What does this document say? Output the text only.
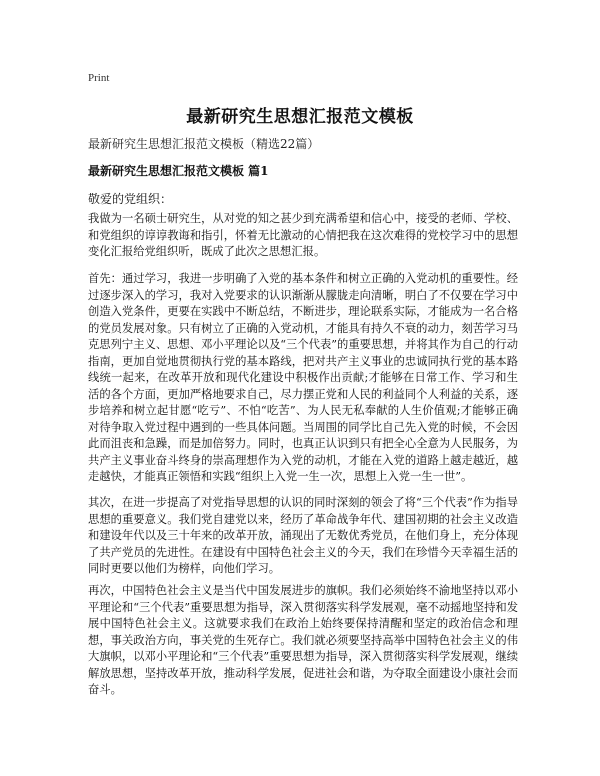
Print
最新研究生思想汇报范文模板
最新研究生思想汇报范文模板（精选22篇）
最新研究生思想汇报范文模板 篇1
敬爱的党组织：
我做为一名硕士研究生，从对党的知之甚少到充满希望和信心中，接受的老师、学校、和党组织的谆谆教诲和指引，怀着无比激动的心情把我在这次难得的党校学习中的思想变化汇报给党组织听，既成了此次之思想汇报。
首先：通过学习，我进一步明确了入党的基本条件和树立正确的入党动机的重要性。经过逐步深入的学习，我对入党要求的认识渐渐从朦胧走向清晰，明白了不仅要在学习中创造入党条件，更要在实践中不断总结，不断进步，理论联系实际，才能成为一名合格的党员发展对象。只有树立了正确的入党动机，才能具有持久不衰的动力，刻苦学习马克思列宁主义、思想、邓小平理论以及“三个代表”的重要思想，并将其作为自己的行动指南，更加自觉地贯彻执行党的基本路线，把对共产主义事业的忠诚同执行党的基本路线统一起来，在改革开放和现代化建设中积极作出贡献;才能够在日常工作、学习和生活的各个方面，更加严格地要求自己，尽力摆正党和人民的利益同个人利益的关系，逐步培养和树立起甘愿“吃亏”、不怕“吃苦”、为人民无私奉献的人生价值观;才能够正确对待争取入党过程中遇到的一些具体问题。当周围的同学比自己先入党的时候，不会因此而沮丧和急躁，而是加倍努力。同时，也真正认识到只有把全心全意为人民服务，为共产主义事业奋斗终身的崇高理想作为入党的动机，才能在入党的道路上越走越近，越走越快，才能真正领悟和实践“组织上入党一生一次，思想上入党一生一世”。
其次，在进一步提高了对党指导思想的认识的同时深刻的领会了将“三个代表”作为指导思想的重要意义。我们党自建党以来，经历了革命战争年代、建国初期的社会主义改造和建设年代以及三十年来的改革开放，涌现出了无数优秀党员，在他们身上，充分体现了共产党员的先进性。在建设有中国特色社会主义的今天，我们在珍惜今天幸福生活的同时更要以他们为榜样，向他们学习。
再次，中国特色社会主义是当代中国发展进步的旗帜。我们必须始终不渝地坚持以邓小平理论和“三个代表”重要思想为指导，深入贯彻落实科学发展观，毫不动摇地坚持和发展中国特色社会主义。这就要求我们在政治上始终要保持清醒和坚定的政治信念和理想，事关政治方向，事关党的生死存亡。我们就必须要坚持高举中国特色社会主义的伟大旗帜，以邓小平理论和“三个代表”重要思想为指导，深入贯彻落实科学发展观，继续解放思想，坚持改革开放，推动科学发展，促进社会和谐，为夺取全面建设小康社会而奋斗。
